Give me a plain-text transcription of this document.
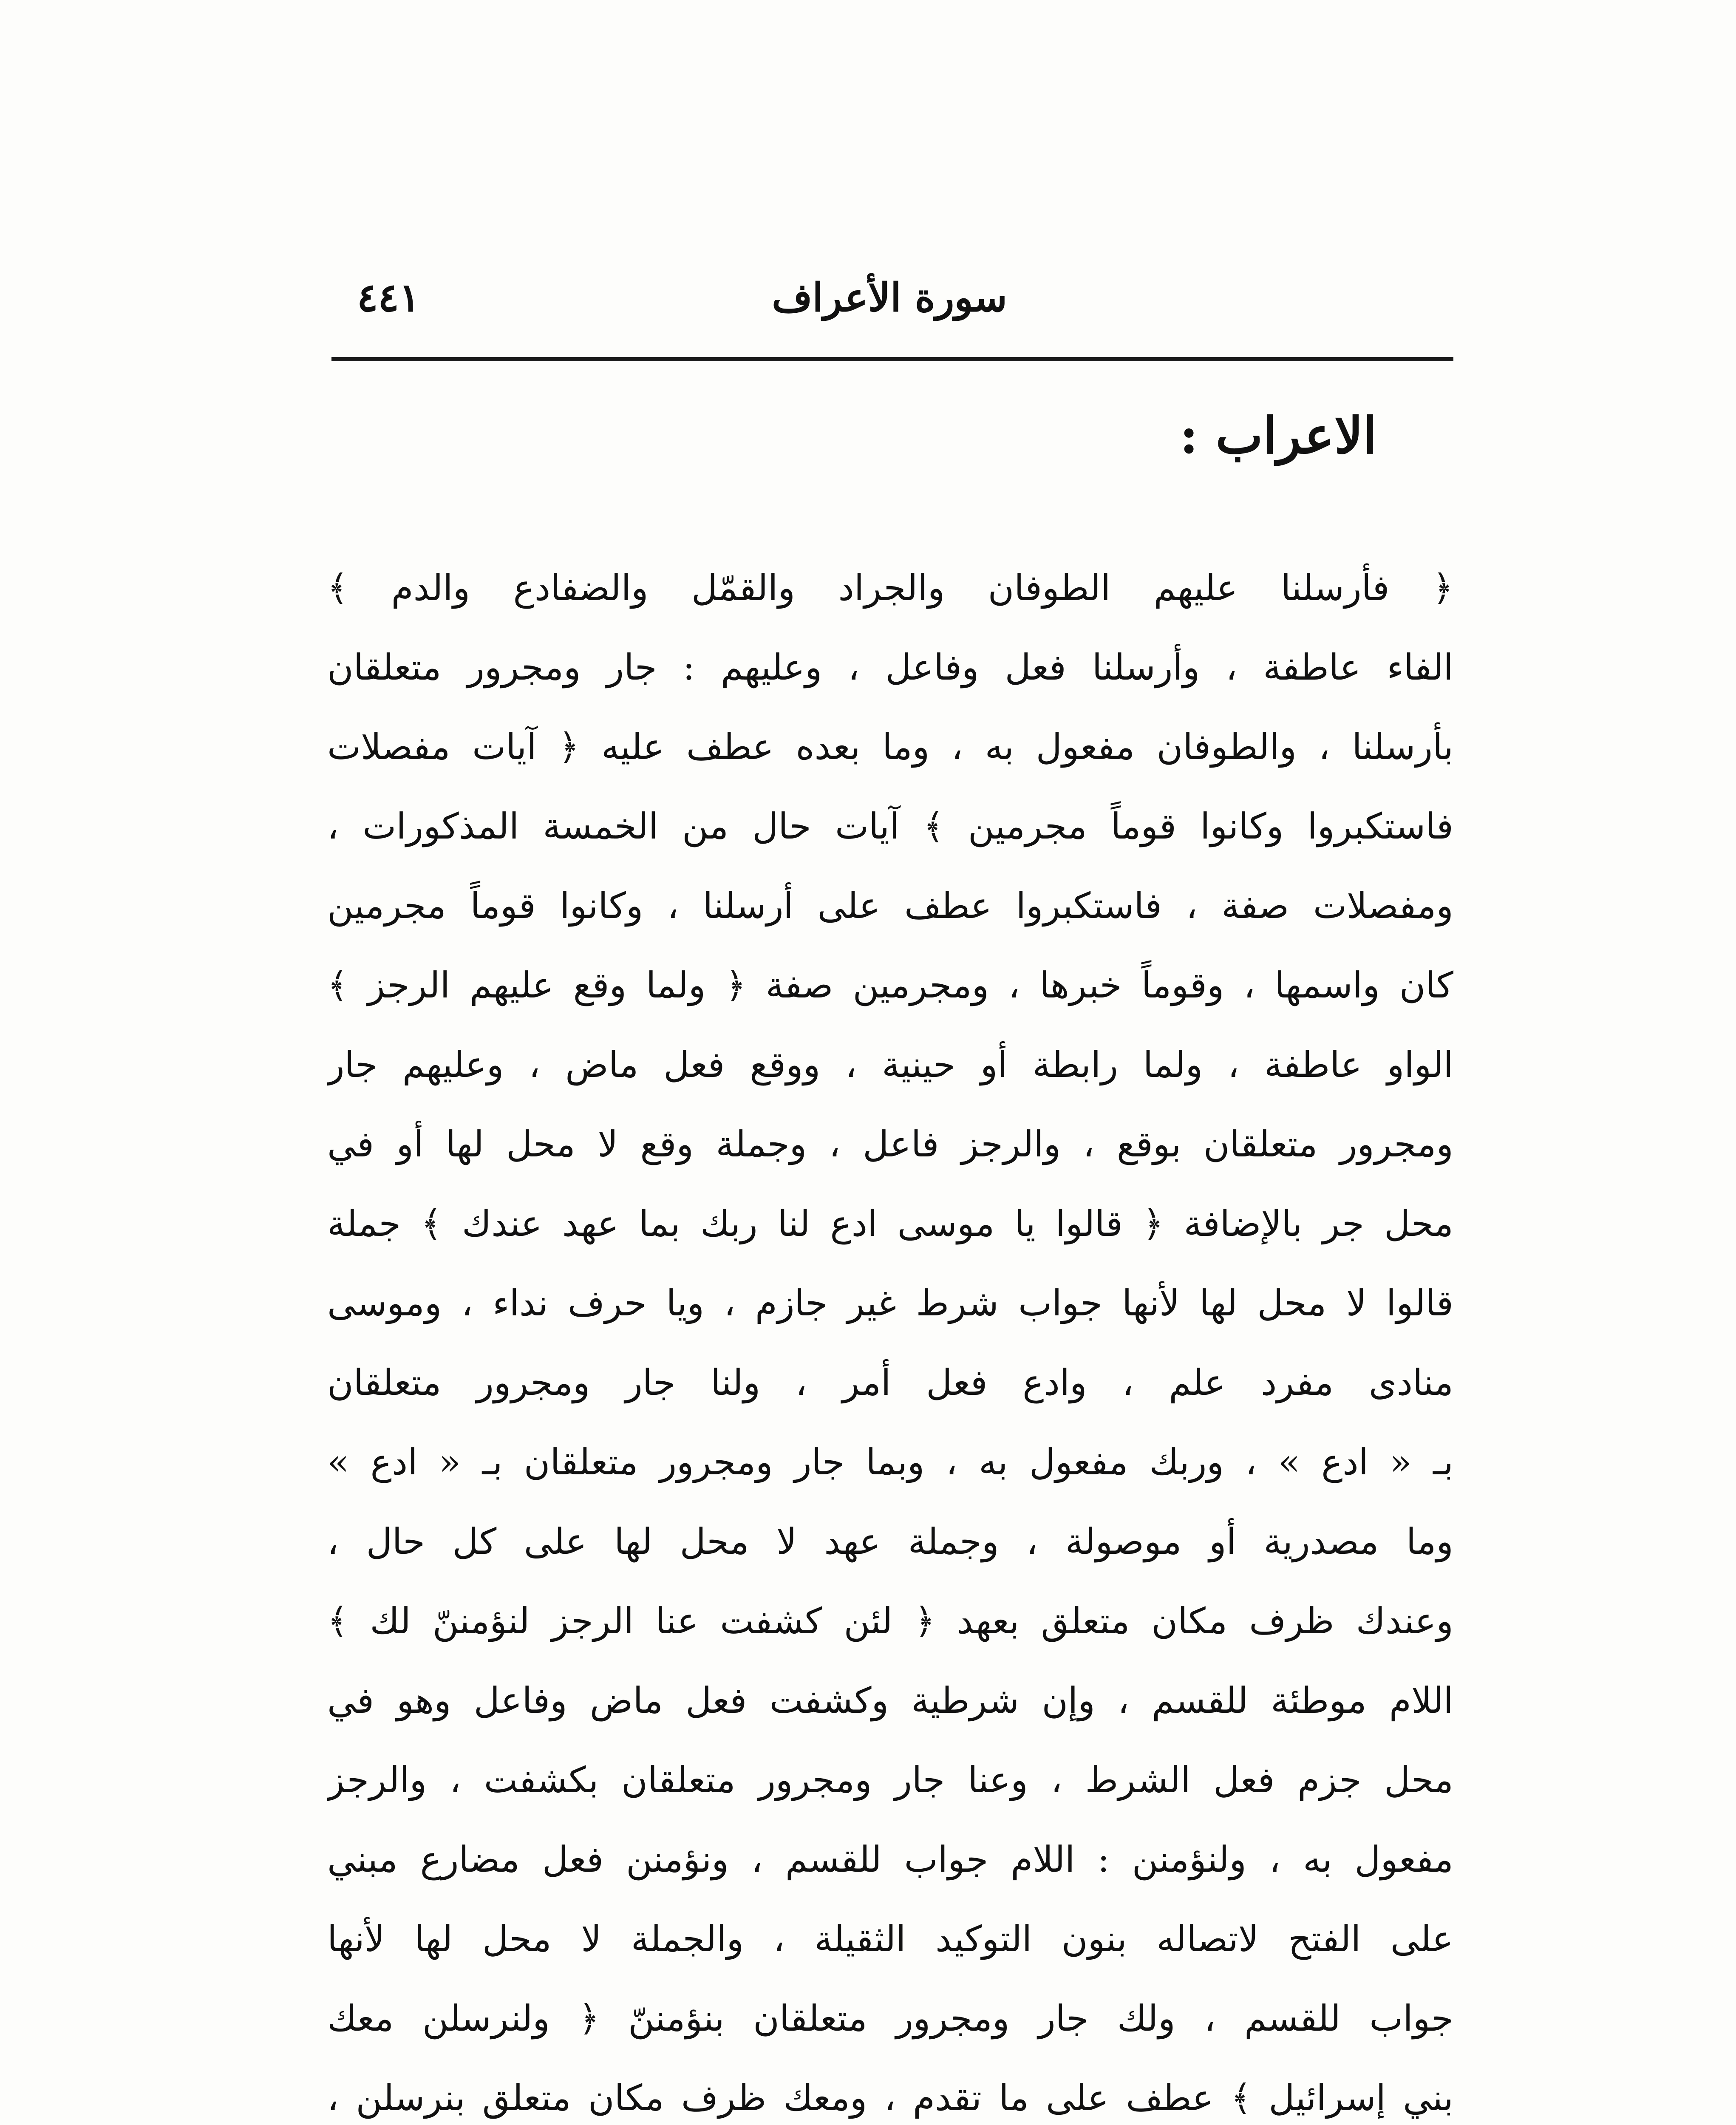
سورة الأعراف
٤٤١
الاعراب :
﴿ فأرسلنا عليهم الطوفان والجراد والقمّل والضفادع والدم ﴾
الفاء عاطفة ، وأرسلنا فعل وفاعل ، وعليهم : جار ومجرور متعلقان
بأرسلنا ، والطوفان مفعول به ، وما بعده عطف عليه ﴿ آيات مفصلات
فاستكبروا وكانوا قوماً مجرمين ﴾ آيات حال من الخمسة المذكورات ،
ومفصلات صفة ، فاستكبروا عطف على أرسلنا ، وكانوا قوماً مجرمين
كان واسمها ، وقوماً خبرها ، ومجرمين صفة ﴿ ولما وقع عليهم الرجز ﴾
الواو عاطفة ، ولما رابطة أو حينية ، ووقع فعل ماض ، وعليهم جار
ومجرور متعلقان بوقع ، والرجز فاعل ، وجملة وقع لا محل لها أو في
محل جر بالإضافة ﴿ قالوا يا موسى ادع لنا ربك بما عهد عندك ﴾ جملة
قالوا لا محل لها لأنها جواب شرط غير جازم ، ويا حرف نداء ، وموسى
منادى مفرد علم ، وادع فعل أمر ، ولنا جار ومجرور متعلقان
بـ « ادع » ، وربك مفعول به ، وبما جار ومجرور متعلقان بـ « ادع »
وما مصدرية أو موصولة ، وجملة عهد لا محل لها على كل حال ،
وعندك ظرف مكان متعلق بعهد ﴿ لئن كشفت عنا الرجز لنؤمننّ لك ﴾
اللام موطئة للقسم ، وإن شرطية وكشفت فعل ماض وفاعل وهو في
محل جزم فعل الشرط ، وعنا جار ومجرور متعلقان بكشفت ، والرجز
مفعول به ، ولنؤمنن : اللام جواب للقسم ، ونؤمنن فعل مضارع مبني
على الفتح لاتصاله بنون التوكيد الثقيلة ، والجملة لا محل لها لأنها
جواب للقسم ، ولك جار ومجرور متعلقان بنؤمننّ ﴿ ولنرسلن معك
بني إسرائيل ﴾ عطف على ما تقدم ، ومعك ظرف مكان متعلق بنرسلن ،
